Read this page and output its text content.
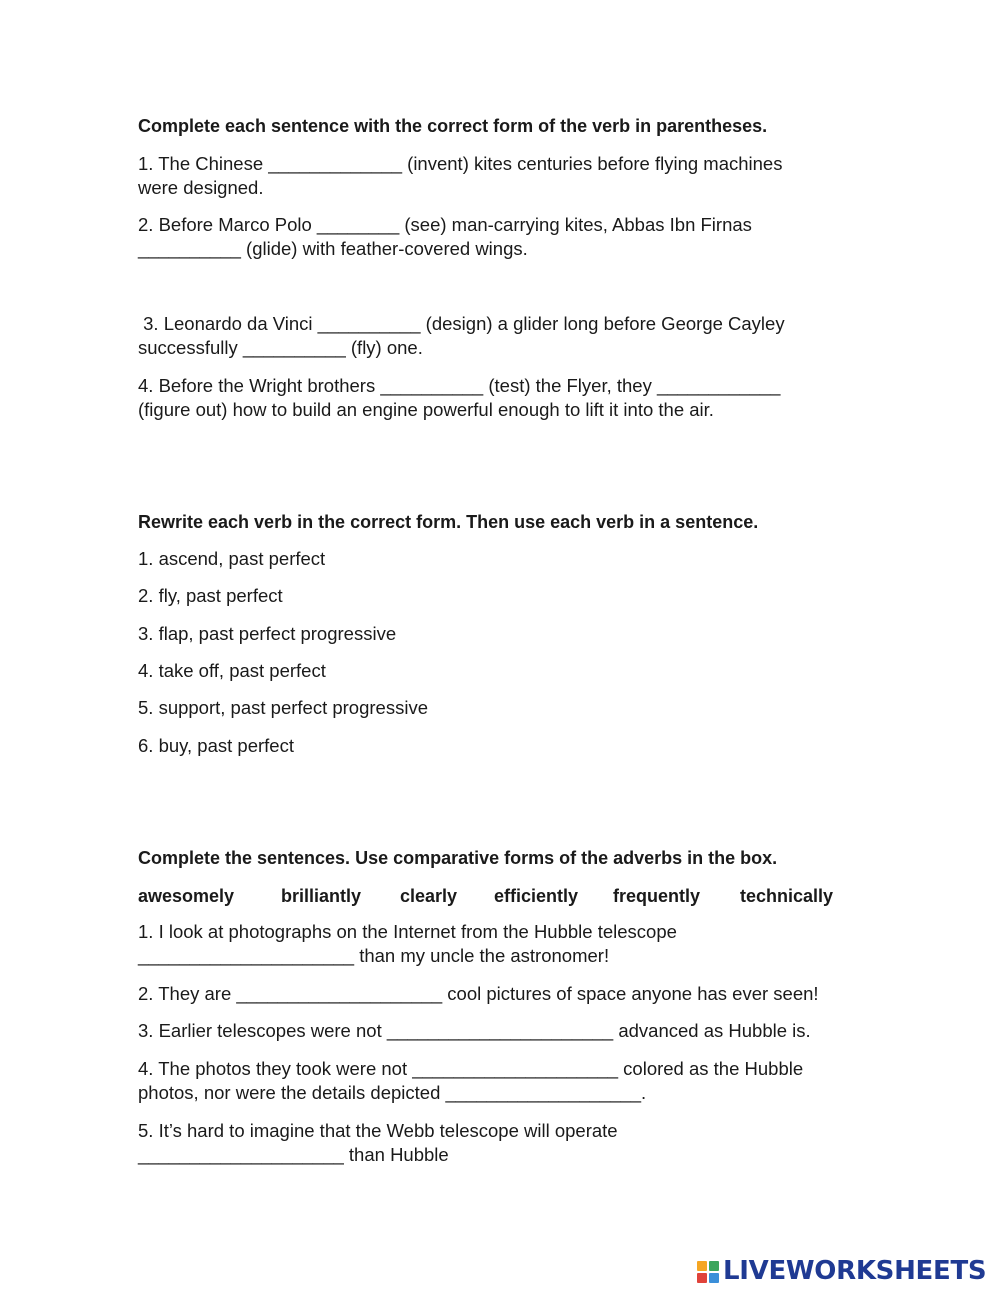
Complete each sentence with the correct form of the verb in parentheses.

1. The Chinese _____________ (invent) kites centuries before flying machines

were designed.

2. Before Marco Polo ________ (see) man-carrying kites, Abbas Ibn Firnas

__________ (glide) with feather-covered wings.

3. Leonardo da Vinci __________ (design) a glider long before George Cayley

successfully __________ (fly) one.

4. Before the Wright brothers __________ (test) the Flyer, they ____________

(figure out) how to build an engine powerful enough to lift it into the air.

Rewrite each verb in the correct form. Then use each verb in a sentence.

1. ascend, past perfect

2. fly, past perfect

3. flap, past perfect progressive

4. take off, past perfect

5. support, past perfect progressive

6. buy, past perfect

Complete the sentences. Use comparative forms of the adverbs in the box.

awesomely	brilliantly clearly efficiently frequently technically

1. I look at photographs on the Internet from the Hubble telescope

_____________________ than my uncle the astronomer!

2. They are ____________________ cool pictures of space anyone has ever seen!

3. Earlier telescopes were not ______________________ advanced as Hubble is.

4. The photos they took were not ____________________ colored as the Hubble

photos, nor were the details depicted ___________________.

5. It’s hard to imagine that the Webb telescope will operate

____________________ than Hubble

LIVEWORKSHEETS
